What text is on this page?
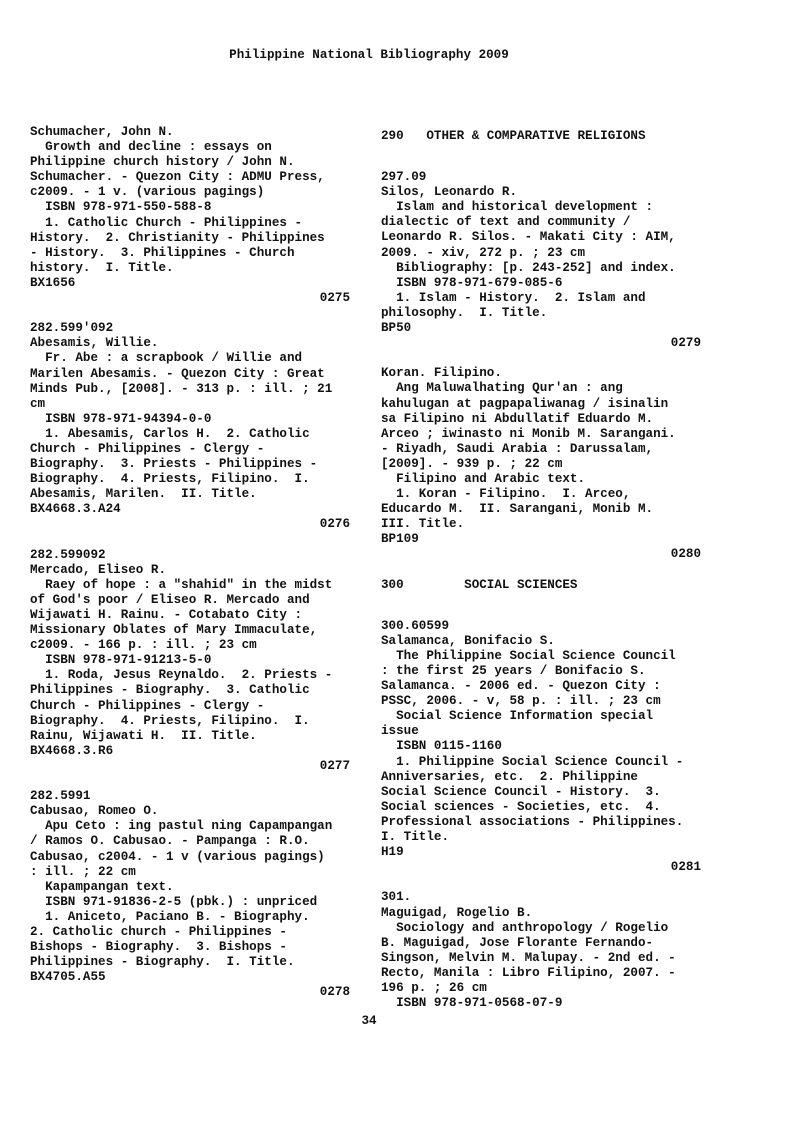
Philippine National Bibliography 2009
Schumacher, John N.
Growth and decline : essays on
Philippine church history / John N.
Schumacher. - Quezon City : ADMU Press,
c2009. - 1 v. (various pagings)
ISBN 978-971-550-588-8
1. Catholic Church - Philippines -
History.  2. Christianity - Philippines
- History.  3. Philippines - Church
history.  I. Title.
BX1656
0275
282.599'092
Abesamis, Willie.
Fr. Abe : a scrapbook / Willie and
Marilen Abesamis. - Quezon City : Great
Minds Pub., [2008]. - 313 p. : ill. ; 21
cm
ISBN 978-971-94394-0-0
1. Abesamis, Carlos H.  2. Catholic
Church - Philippines - Clergy -
Biography.  3. Priests - Philippines -
Biography.  4. Priests, Filipino.  I.
Abesamis, Marilen.  II. Title.
BX4668.3.A24
0276
282.599092
Mercado, Eliseo R.
Raey of hope : a "shahid" in the midst
of God's poor / Eliseo R. Mercado and
Wijawati H. Rainu. - Cotabato City :
Missionary Oblates of Mary Immaculate,
c2009. - 166 p. : ill. ; 23 cm
ISBN 978-971-91213-5-0
1. Roda, Jesus Reynaldo.  2. Priests -
Philippines - Biography.  3. Catholic
Church - Philippines - Clergy -
Biography.  4. Priests, Filipino.  I.
Rainu, Wijawati H.  II. Title.
BX4668.3.R6
0277
282.5991
Cabusao, Romeo O.
Apu Ceto : ing pastul ning Capampangan
/ Ramos O. Cabusao. - Pampanga : R.O.
Cabusao, c2004. - 1 v (various pagings)
: ill. ; 22 cm
Kapampangan text.
ISBN 971-91836-2-5 (pbk.) : unpriced
1. Aniceto, Paciano B. - Biography.
2. Catholic church - Philippines -
Bishops - Biography.  3. Bishops -
Philippines - Biography.  I. Title.
BX4705.A55
0278
290   OTHER & COMPARATIVE RELIGIONS
297.09
Silos, Leonardo R.
Islam and historical development :
dialectic of text and community /
Leonardo R. Silos. - Makati City : AIM,
2009. - xiv, 272 p. ; 23 cm
Bibliography: [p. 243-252] and index.
ISBN 978-971-679-085-6
1. Islam - History.  2. Islam and
philosophy.  I. Title.
BP50
0279
Koran. Filipino.
Ang Maluwalhating Qur'an : ang
kahulugan at pagpapaliwanag / isinalin
sa Filipino ni Abdullatif Eduardo M.
Arceo ; iwinasto ni Monib M. Sarangani.
- Riyadh, Saudi Arabia : Darussalam,
[2009]. - 939 p. ; 22 cm
Filipino and Arabic text.
1. Koran - Filipino.  I. Arceo,
Educardo M.  II. Sarangani, Monib M.
III. Title.
BP109
0280
300        SOCIAL SCIENCES
300.60599
Salamanca, Bonifacio S.
The Philippine Social Science Council
: the first 25 years / Bonifacio S.
Salamanca. - 2006 ed. - Quezon City :
PSSC, 2006. - v, 58 p. : ill. ; 23 cm
Social Science Information special
issue
ISBN 0115-1160
1. Philippine Social Science Council -
Anniversaries, etc.  2. Philippine
Social Science Council - History.  3.
Social sciences - Societies, etc.  4.
Professional associations - Philippines.
I. Title.
H19
0281
301.
Maguigad, Rogelio B.
Sociology and anthropology / Rogelio
B. Maguigad, Jose Florante Fernando-
Singson, Melvin M. Malupay. - 2nd ed. -
Recto, Manila : Libro Filipino, 2007. -
196 p. ; 26 cm
ISBN 978-971-0568-07-9
34
